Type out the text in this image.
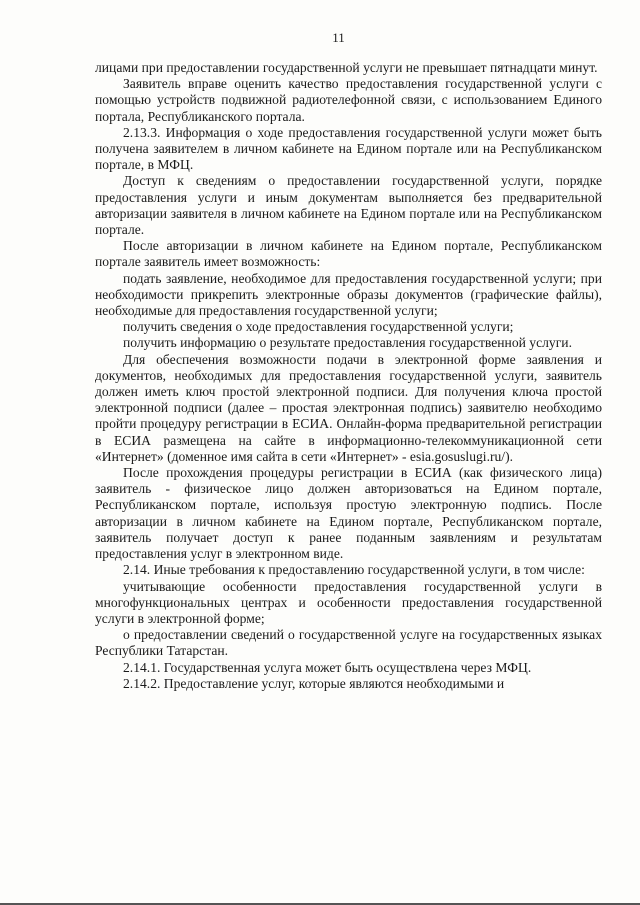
11

лицами при предоставлении государственной услуги не превышает пятнадцати минут.

Заявитель вправе оценить качество предоставления государственной услуги с помощью устройств подвижной радиотелефонной связи, с использованием Единого портала, Республиканского портала.

2.13.3. Информация о ходе предоставления государственной услуги может быть получена заявителем в личном кабинете на Едином портале или на Республиканском портале, в МФЦ.

Доступ к сведениям о предоставлении государственной услуги, порядке предоставления услуги и иным документам выполняется без предварительной авторизации заявителя в личном кабинете на Едином портале или на Республиканском портале.

После авторизации в личном кабинете на Едином портале, Республиканском портале заявитель имеет возможность:

подать заявление, необходимое для предоставления государственной услуги; при необходимости прикрепить электронные образы документов (графические файлы), необходимые для предоставления государственной услуги;

получить сведения о ходе предоставления государственной услуги;

получить информацию о результате предоставления государственной услуги.

Для обеспечения возможности подачи в электронной форме заявления и документов, необходимых для предоставления государственной услуги, заявитель должен иметь ключ простой электронной подписи. Для получения ключа простой электронной подписи (далее – простая электронная подпись) заявителю необходимо пройти процедуру регистрации в ЕСИА. Онлайн-форма предварительной регистрации в ЕСИА размещена на сайте в информационно-телекоммуникационной сети «Интернет» (доменное имя сайта в сети «Интернет» - esia.gosuslugi.ru/).

После прохождения процедуры регистрации в ЕСИА (как физического лица) заявитель - физическое лицо должен авторизоваться на Едином портале, Республиканском портале, используя простую электронную подпись. После авторизации в личном кабинете на Едином портале, Республиканском портале, заявитель получает доступ к ранее поданным заявлениям и результатам предоставления услуг в электронном виде.

2.14. Иные требования к предоставлению государственной услуги, в том числе:

учитывающие особенности предоставления государственной услуги в многофункциональных центрах и особенности предоставления государственной услуги в электронной форме;

о предоставлении сведений о государственной услуге на государственных языках Республики Татарстан.

2.14.1. Государственная услуга может быть осуществлена через МФЦ.

2.14.2. Предоставление услуг, которые являются необходимыми и
